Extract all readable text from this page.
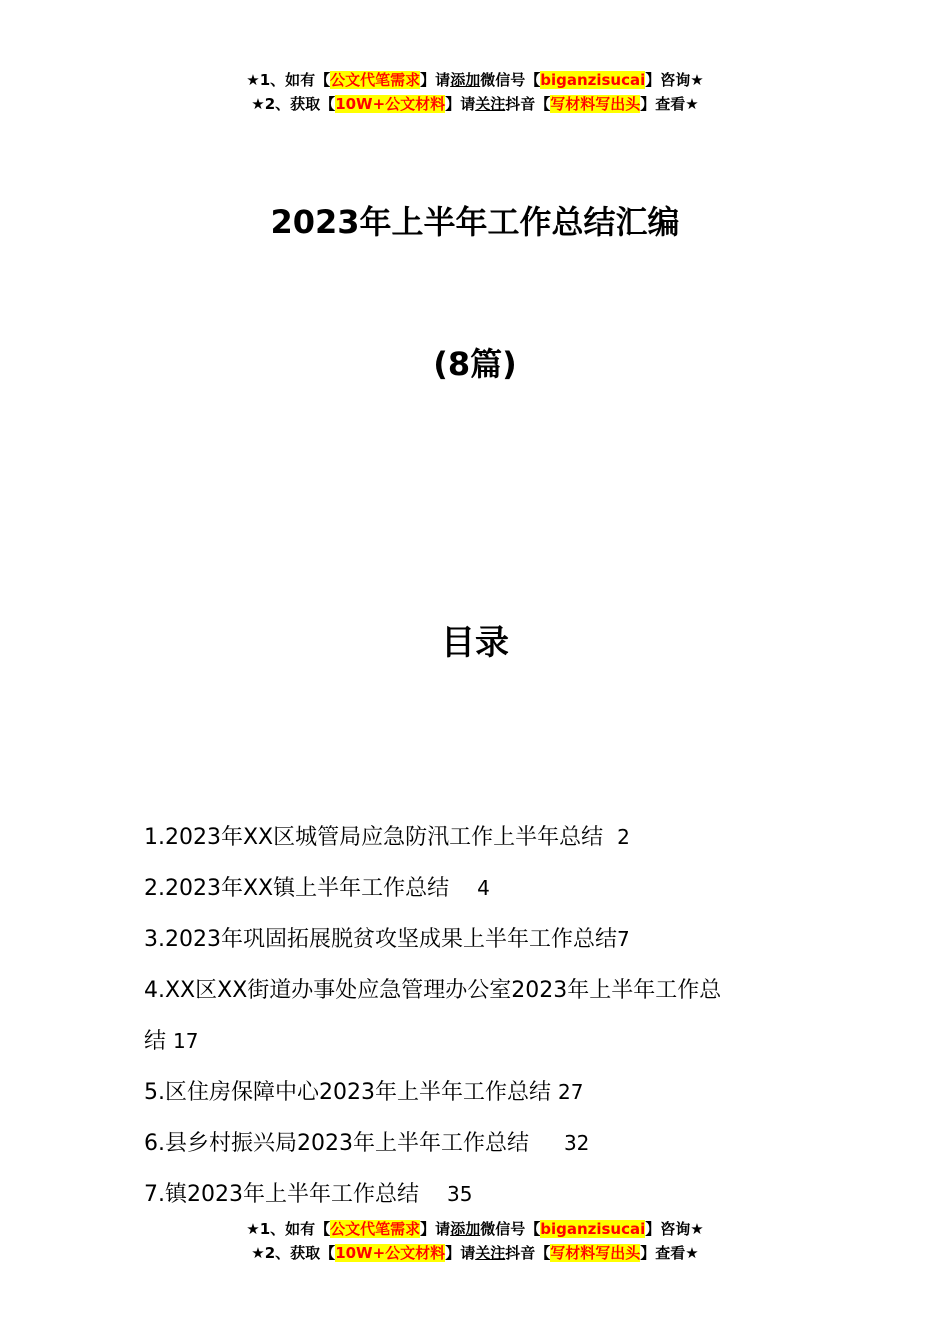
★1、如有【公文代笔需求】请添加微信号【biganzisucai】咨询★
★2、获取【10W+公文材料】请关注抖音【写材料写出头】查看★
2023年上半年工作总结汇编
(8篇)
目录
1.2023年XX区城管局应急防汛工作上半年总结 2
2.2023年XX镇上半年工作总结 4
3.2023年巩固拓展脱贫攻坚成果上半年工作总结7
4.XX区XX街道办事处应急管理办公室2023年上半年工作总
结 17
5.区住房保障中心2023年上半年工作总结 27
6.县乡村振兴局2023年上半年工作总结 32
7.镇2023年上半年工作总结 35
★1、如有【公文代笔需求】请添加微信号【biganzisucai】咨询★
★2、获取【10W+公文材料】请关注抖音【写材料写出头】查看★
